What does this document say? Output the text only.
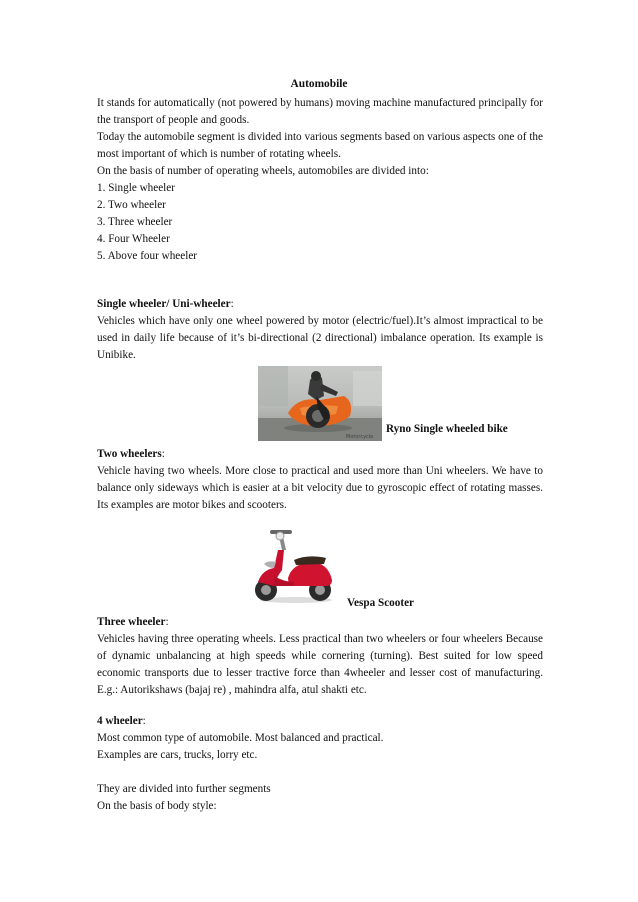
Automobile

It stands for automatically (not powered by humans) moving machine manufactured principally for the transport of people and goods.

Today the automobile segment is divided into various segments based on various aspects one of the most important of which is number of rotating wheels.

On the basis of number of operating wheels, automobiles are divided into:

1. Single wheeler

2. Two wheeler

3. Three wheeler

4. Four Wheeler

5. Above four wheeler

Single wheeler/ Uni-wheeler:

Vehicles which have only one wheel powered by motor (electric/fuel).It’s almost impractical to be used in daily life because of it’s bi-directional (2 directional) imbalance operation. Its example is Unibike.

Motorcycle
Ryno Single wheeled bike

Two wheelers:

Vehicle having two wheels. More close to practical and used more than Uni wheelers. We have to balance only sideways which is easier at a bit velocity due to gyroscopic effect of rotating masses. Its examples are motor bikes and scooters.

Vespa Scooter

Three wheeler:

Vehicles having three operating wheels. Less practical than two wheelers or four wheelers Because of dynamic unbalancing at high speeds while cornering (turning). Best suited for low speed economic transports due to lesser tractive force than 4wheeler and lesser cost of manufacturing. E.g.: Autorikshaws (bajaj re) , mahindra alfa, atul shakti etc.

4 wheeler:

Most common type of automobile. Most balanced and practical.

Examples are cars, trucks, lorry etc.

They are divided into further segments

On the basis of body style:
